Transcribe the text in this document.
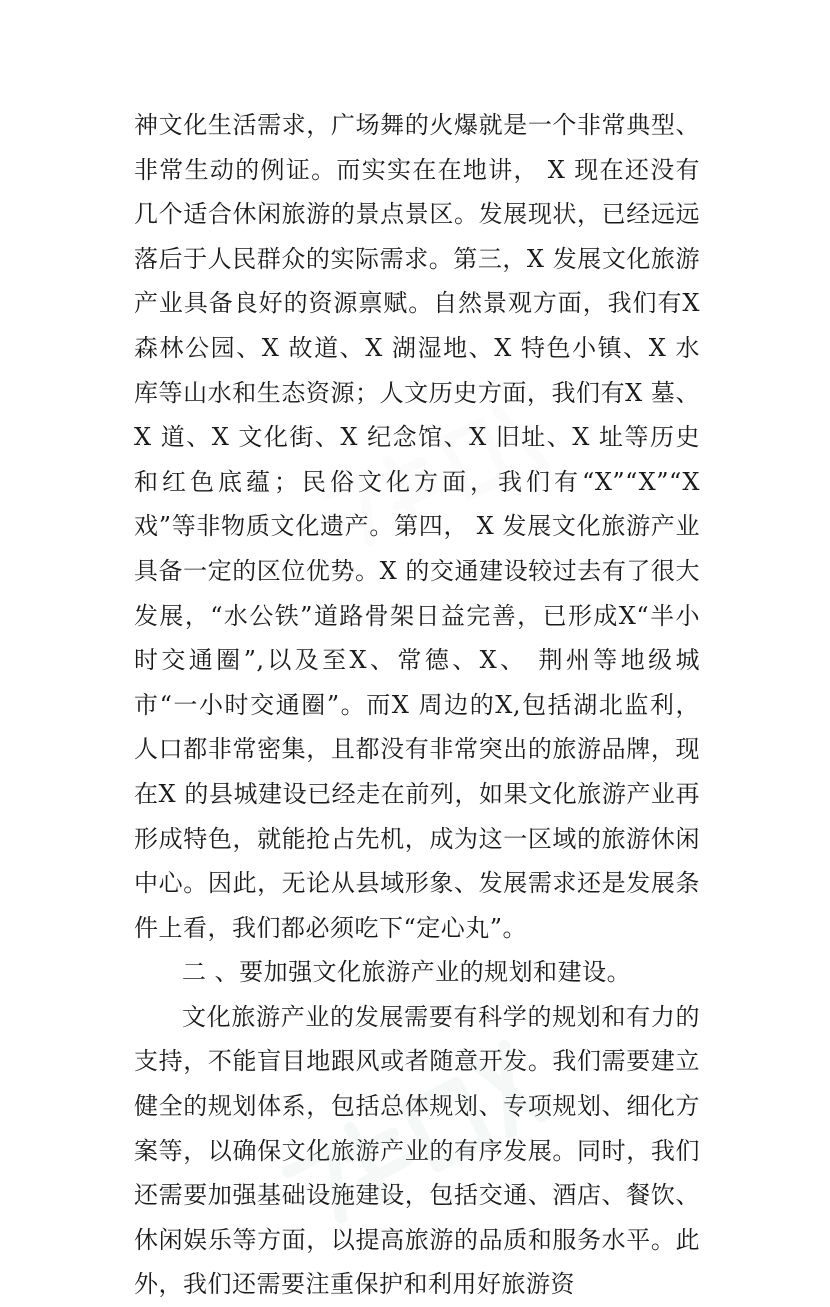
神文化生活需求，广场舞的火爆就是一个非常典型、非常生动的例证。而实实在在地讲， X 现在还没有几个适合休闲旅游的景点景区。发展现状，已经远远落后于人民群众的实际需求。第三，X 发展文化旅游产业具备良好的资源禀赋。自然景观方面，我们有X 森林公园、X 故道、X 湖湿地、X 特色小镇、X 水库等山水和生态资源；人文历史方面，我们有X 墓、X 道、X 文化街、X 纪念馆、X 旧址、X 址等历史和红色底蕴；民俗文化方面，我们有“X”“X”“X戏”等非物质文化遗产。第四， X 发展文化旅游产业具备一定的区位优势。X 的交通建设较过去有了很大发展，“水公铁”道路骨架日益完善，已形成X“半小时交通圈”,以及至X、常德、X、 荆州等地级城市“一小时交通圈”。而X 周边的X,包括湖北监利，人口都非常密集，且都没有非常突出的旅游品牌，现在X 的县城建设已经走在前列，如果文化旅游产业再形成特色，就能抢占先机，成为这一区域的旅游休闲中心。因此，无论从县域形象、发展需求还是发展条件上看，我们都必须吃下“定心丸”。

二 、要加强文化旅游产业的规划和建设。

文化旅游产业的发展需要有科学的规划和有力的支持，不能盲目地跟风或者随意开发。我们需要建立健全的规划体系，包括总体规划、专项规划、细化方案等，以确保文化旅游产业的有序发展。同时，我们还需要加强基础设施建设，包括交通、酒店、餐饮、休闲娱乐等方面，以提高旅游的品质和服务水平。此外，我们还需要注重保护和利用好旅游资
